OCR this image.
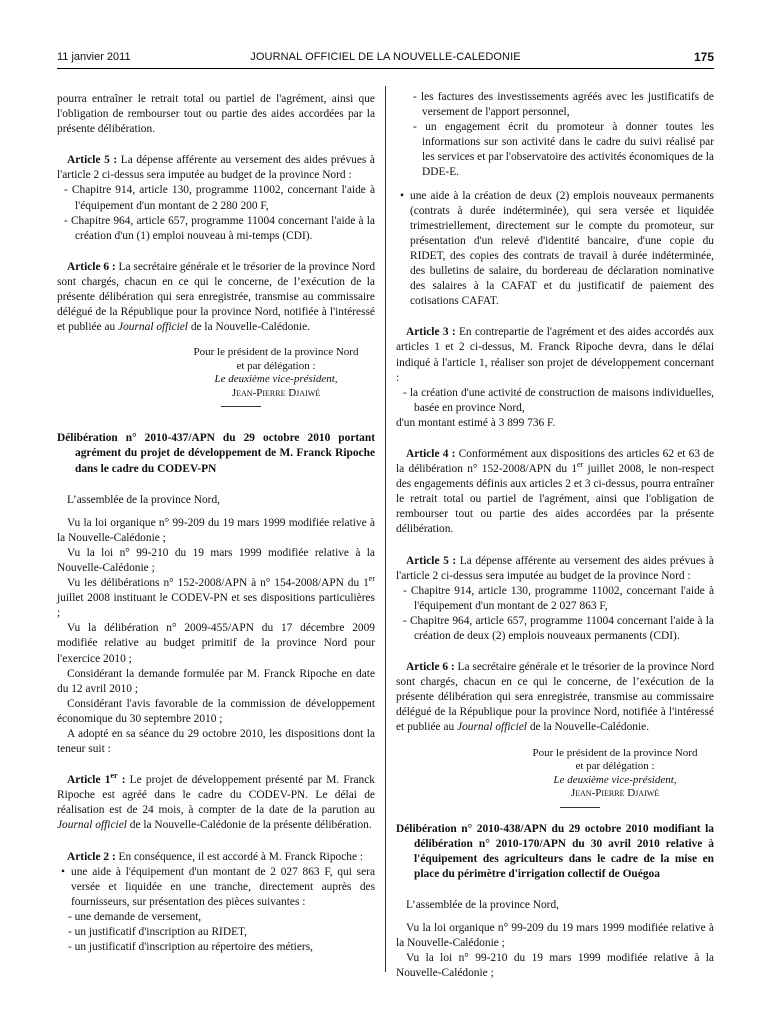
11 janvier 2011	JOURNAL OFFICIEL DE LA NOUVELLE-CALEDONIE	175

pourra entraîner le retrait total ou partiel de l'agrément, ainsi que l'obligation de rembourser tout ou partie des aides accordées par la présente délibération.

Article 5 : La dépense afférente au versement des aides prévues à l'article 2 ci-dessus sera imputée au budget de la province Nord :

- Chapitre 914, article 130, programme 11002, concernant l'aide à l'équipement d'un montant de 2 280 200 F,

- Chapitre 964, article 657, programme 11004 concernant l'aide à la création d'un (1) emploi nouveau à mi-temps (CDI).

Article 6 : La secrétaire générale et le trésorier de la province Nord sont chargés, chacun en ce qui le concerne, de l’exécution de la présente délibération qui sera enregistrée, transmise au commissaire délégué de la République pour la province Nord, notifiée à l'intéressé et publiée au Journal officiel de la Nouvelle-Calédonie.

Pour le président de la province Nord

et par délégation :

Le deuxième vice-président,

Jean-Pierre Djaiwé

Délibération n° 2010-437/APN du 29 octobre 2010 portant agrément du projet de développement de M. Franck Ripoche dans le cadre du CODEV-PN

L’assemblée de la province Nord,

Vu la loi organique n° 99-209 du 19 mars 1999 modifiée relative à la Nouvelle-Calédonie ;

Vu la loi n° 99-210 du 19 mars 1999 modifiée relative à la Nouvelle-Calédonie ;

Vu les délibérations n° 152-2008/APN à n° 154-2008/APN du 1er juillet 2008 instituant le CODEV-PN et ses dispositions particulières ;

Vu la délibération n° 2009-455/APN du 17 décembre 2009 modifiée relative au budget primitif de la province Nord pour l'exercice 2010 ;

Considérant la demande formulée par M. Franck Ripoche en date du 12 avril 2010 ;

Considérant l'avis favorable de la commission de développement économique du 30 septembre 2010 ;

A adopté en sa séance du 29 octobre 2010, les dispositions dont la teneur suit :

Article 1er : Le projet de développement présenté par M. Franck Ripoche est agréé dans le cadre du CODEV-PN. Le délai de réalisation est de 24 mois, à compter de la date de la parution au Journal officiel de la Nouvelle-Calédonie de la présente délibération.

Article 2 : En conséquence, il est accordé à M. Franck Ripoche :

• une aide à l'équipement d'un montant de 2 027 863 F, qui sera versée et liquidée en une tranche, directement auprès des fournisseurs, sur présentation des pièces suivantes :

- une demande de versement,

- un justificatif d'inscription au RIDET,

- un justificatif d'inscription au répertoire des métiers,

- les factures des investissements agréés avec les justificatifs de versement de l'apport personnel,

- un engagement écrit du promoteur à donner toutes les informations sur son activité dans le cadre du suivi réalisé par les services et par l'observatoire des activités économiques de la DDE-E.

• une aide à la création de deux (2) emplois nouveaux permanents (contrats à durée indéterminée), qui sera versée et liquidée trimestriellement, directement sur le compte du promoteur, sur présentation d'un relevé d'identité bancaire, d'une copie du RIDET, des copies des contrats de travail à durée indéterminée, des bulletins de salaire, du bordereau de déclaration nominative des salaires à la CAFAT et du justificatif de paiement des cotisations CAFAT.

Article 3 : En contrepartie de l'agrément et des aides accordés aux articles 1 et 2 ci-dessus, M. Franck Ripoche devra, dans le délai indiqué à l'article 1, réaliser son projet de développement concernant :

- la création d'une activité de construction de maisons individuelles, basée en province Nord,

d'un montant estimé à 3 899 736 F.

Article 4 : Conformément aux dispositions des articles 62 et 63 de la délibération n° 152-2008/APN du 1er juillet 2008, le non-respect des engagements définis aux articles 2 et 3 ci-dessus, pourra entraîner le retrait total ou partiel de l'agrément, ainsi que l'obligation de rembourser tout ou partie des aides accordées par la présente délibération.

Article 5 : La dépense afférente au versement des aides prévues à l'article 2 ci-dessus sera imputée au budget de la province Nord :

- Chapitre 914, article 130, programme 11002, concernant l'aide à l'équipement d'un montant de 2 027 863 F,

- Chapitre 964, article 657, programme 11004 concernant l'aide à la création de deux (2) emplois nouveaux permanents (CDI).

Article 6 : La secrétaire générale et le trésorier de la province Nord sont chargés, chacun en ce qui le concerne, de l’exécution de la présente délibération qui sera enregistrée, transmise au commissaire délégué de la République pour la province Nord, notifiée à l'intéressé et publiée au Journal officiel de la Nouvelle-Calédonie.

Pour le président de la province Nord

et par délégation :

Le deuxième vice-président,

Jean-Pierre Djaiwé

Délibération n° 2010-438/APN du 29 octobre 2010 modifiant la délibération n° 2010-170/APN du 30 avril 2010 relative à l'équipement des agriculteurs dans le cadre de la mise en place du périmètre d'irrigation collectif de Ouégoa

L’assemblée de la province Nord,

Vu la loi organique n° 99-209 du 19 mars 1999 modifiée relative à la Nouvelle-Calédonie ;

Vu la loi n° 99-210 du 19 mars 1999 modifiée relative à la Nouvelle-Calédonie ;
